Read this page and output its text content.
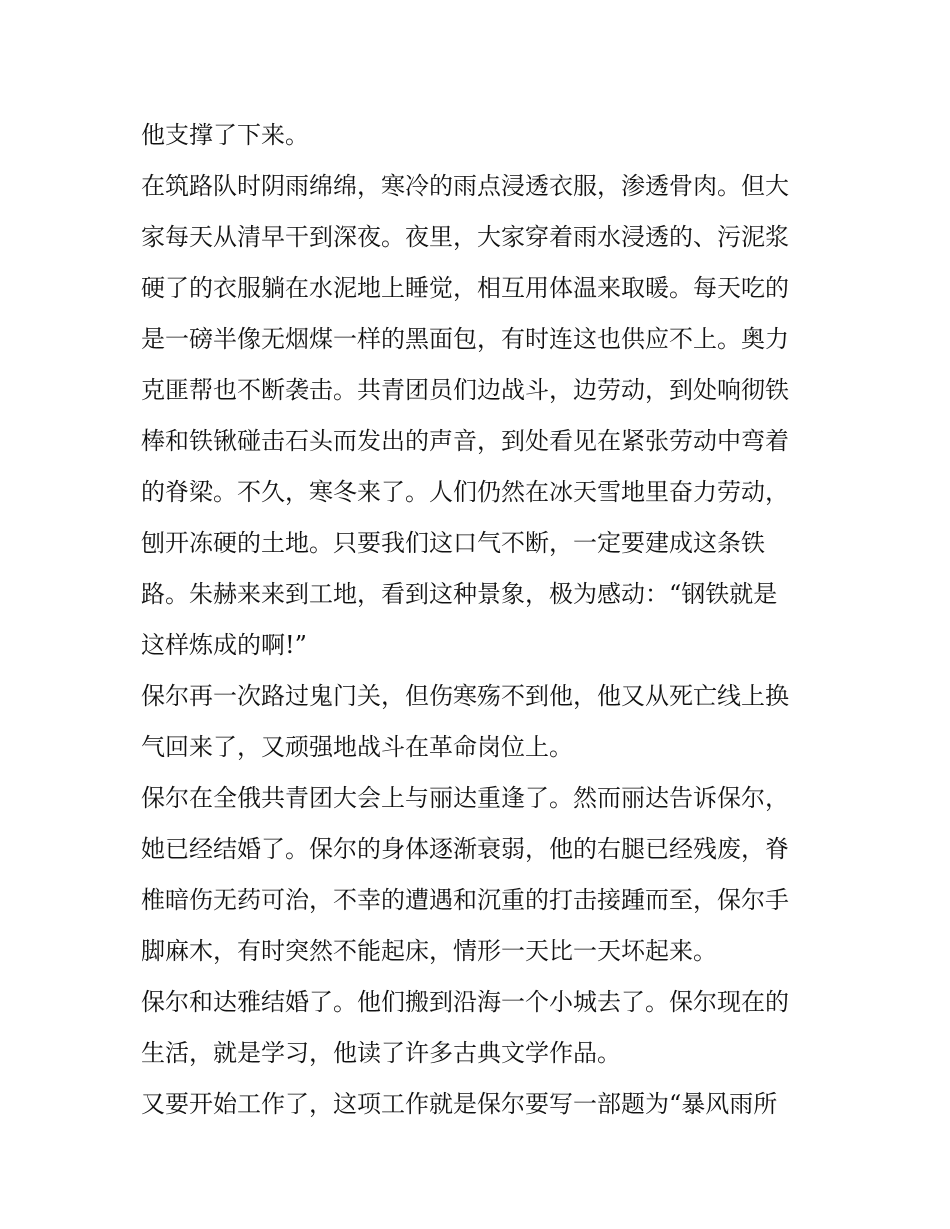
他支撑了下来。
在筑路队时阴雨绵绵，寒冷的雨点浸透衣服，渗透骨肉。但大
家每天从清早干到深夜。夜里，大家穿着雨水浸透的、污泥浆
硬了的衣服躺在水泥地上睡觉，相互用体温来取暖。每天吃的
是一磅半像无烟煤一样的黑面包，有时连这也供应不上。奥力
克匪帮也不断袭击。共青团员们边战斗，边劳动，到处响彻铁
棒和铁锹碰击石头而发出的声音，到处看见在紧张劳动中弯着
的脊梁。不久，寒冬来了。人们仍然在冰天雪地里奋力劳动，
刨开冻硬的土地。只要我们这口气不断，一定要建成这条铁
路。朱赫来来到工地，看到这种景象，极为感动：“钢铁就是
这样炼成的啊!”
保尔再一次路过鬼门关，但伤寒殇不到他，他又从死亡线上换
气回来了，又顽强地战斗在革命岗位上。
保尔在全俄共青团大会上与丽达重逢了。然而丽达告诉保尔，
她已经结婚了。保尔的身体逐渐衰弱，他的右腿已经残废，脊
椎暗伤无药可治，不幸的遭遇和沉重的打击接踵而至，保尔手
脚麻木，有时突然不能起床，情形一天比一天坏起来。
保尔和达雅结婚了。他们搬到沿海一个小城去了。保尔现在的
生活，就是学习，他读了许多古典文学作品。
又要开始工作了，这项工作就是保尔要写一部题为“暴风雨所
